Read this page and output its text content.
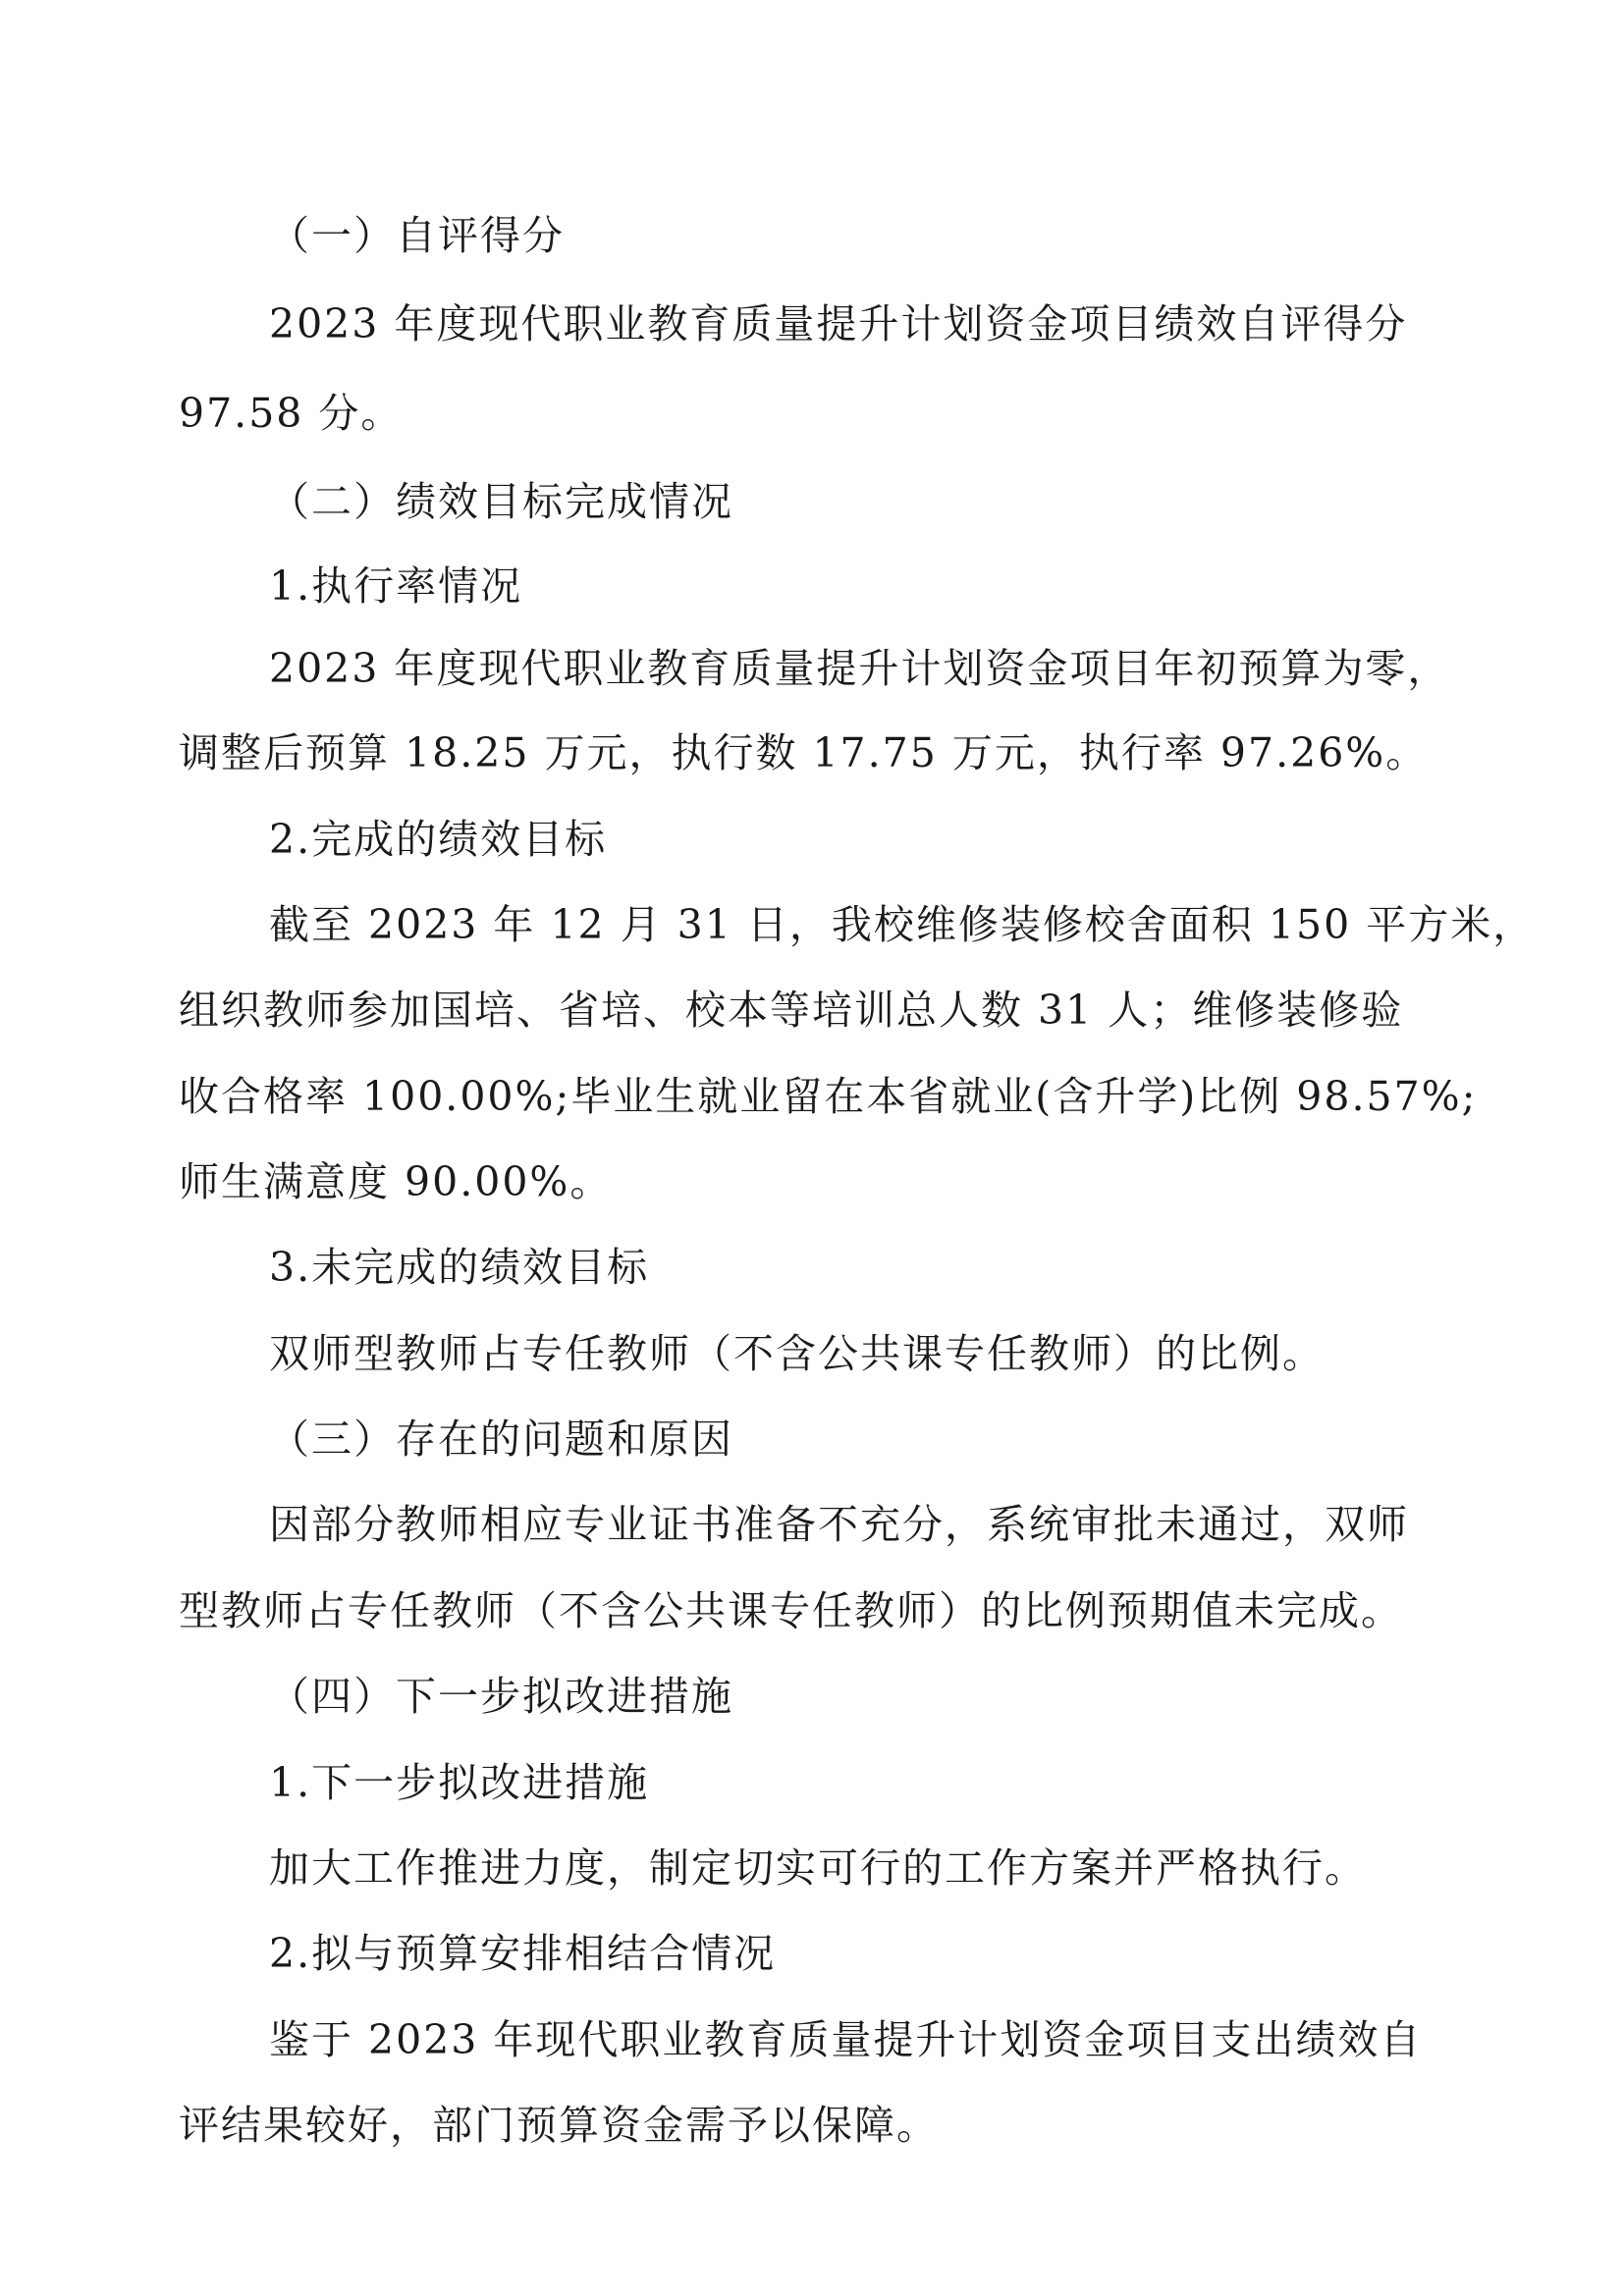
（一）自评得分
2023 年度现代职业教育质量提升计划资金项目绩效自评得分
97.58 分。
（二）绩效目标完成情况
1.执行率情况
2023 年度现代职业教育质量提升计划资金项目年初预算为零，
调整后预算 18.25 万元，执行数 17.75 万元，执行率 97.26%。
2.完成的绩效目标
截至 2023 年 12 月 31 日，我校维修装修校舍面积 150 平方米，
组织教师参加国培、省培、校本等培训总人数 31 人；维修装修验
收合格率 100.00%;毕业生就业留在本省就业(含升学)比例 98.57%;
师生满意度 90.00%。
3.未完成的绩效目标
双师型教师占专任教师（不含公共课专任教师）的比例。
（三）存在的问题和原因
因部分教师相应专业证书准备不充分，系统审批未通过，双师
型教师占专任教师（不含公共课专任教师）的比例预期值未完成。
（四）下一步拟改进措施
1.下一步拟改进措施
加大工作推进力度，制定切实可行的工作方案并严格执行。
2.拟与预算安排相结合情况
鉴于 2023 年现代职业教育质量提升计划资金项目支出绩效自
评结果较好，部门预算资金需予以保障。
